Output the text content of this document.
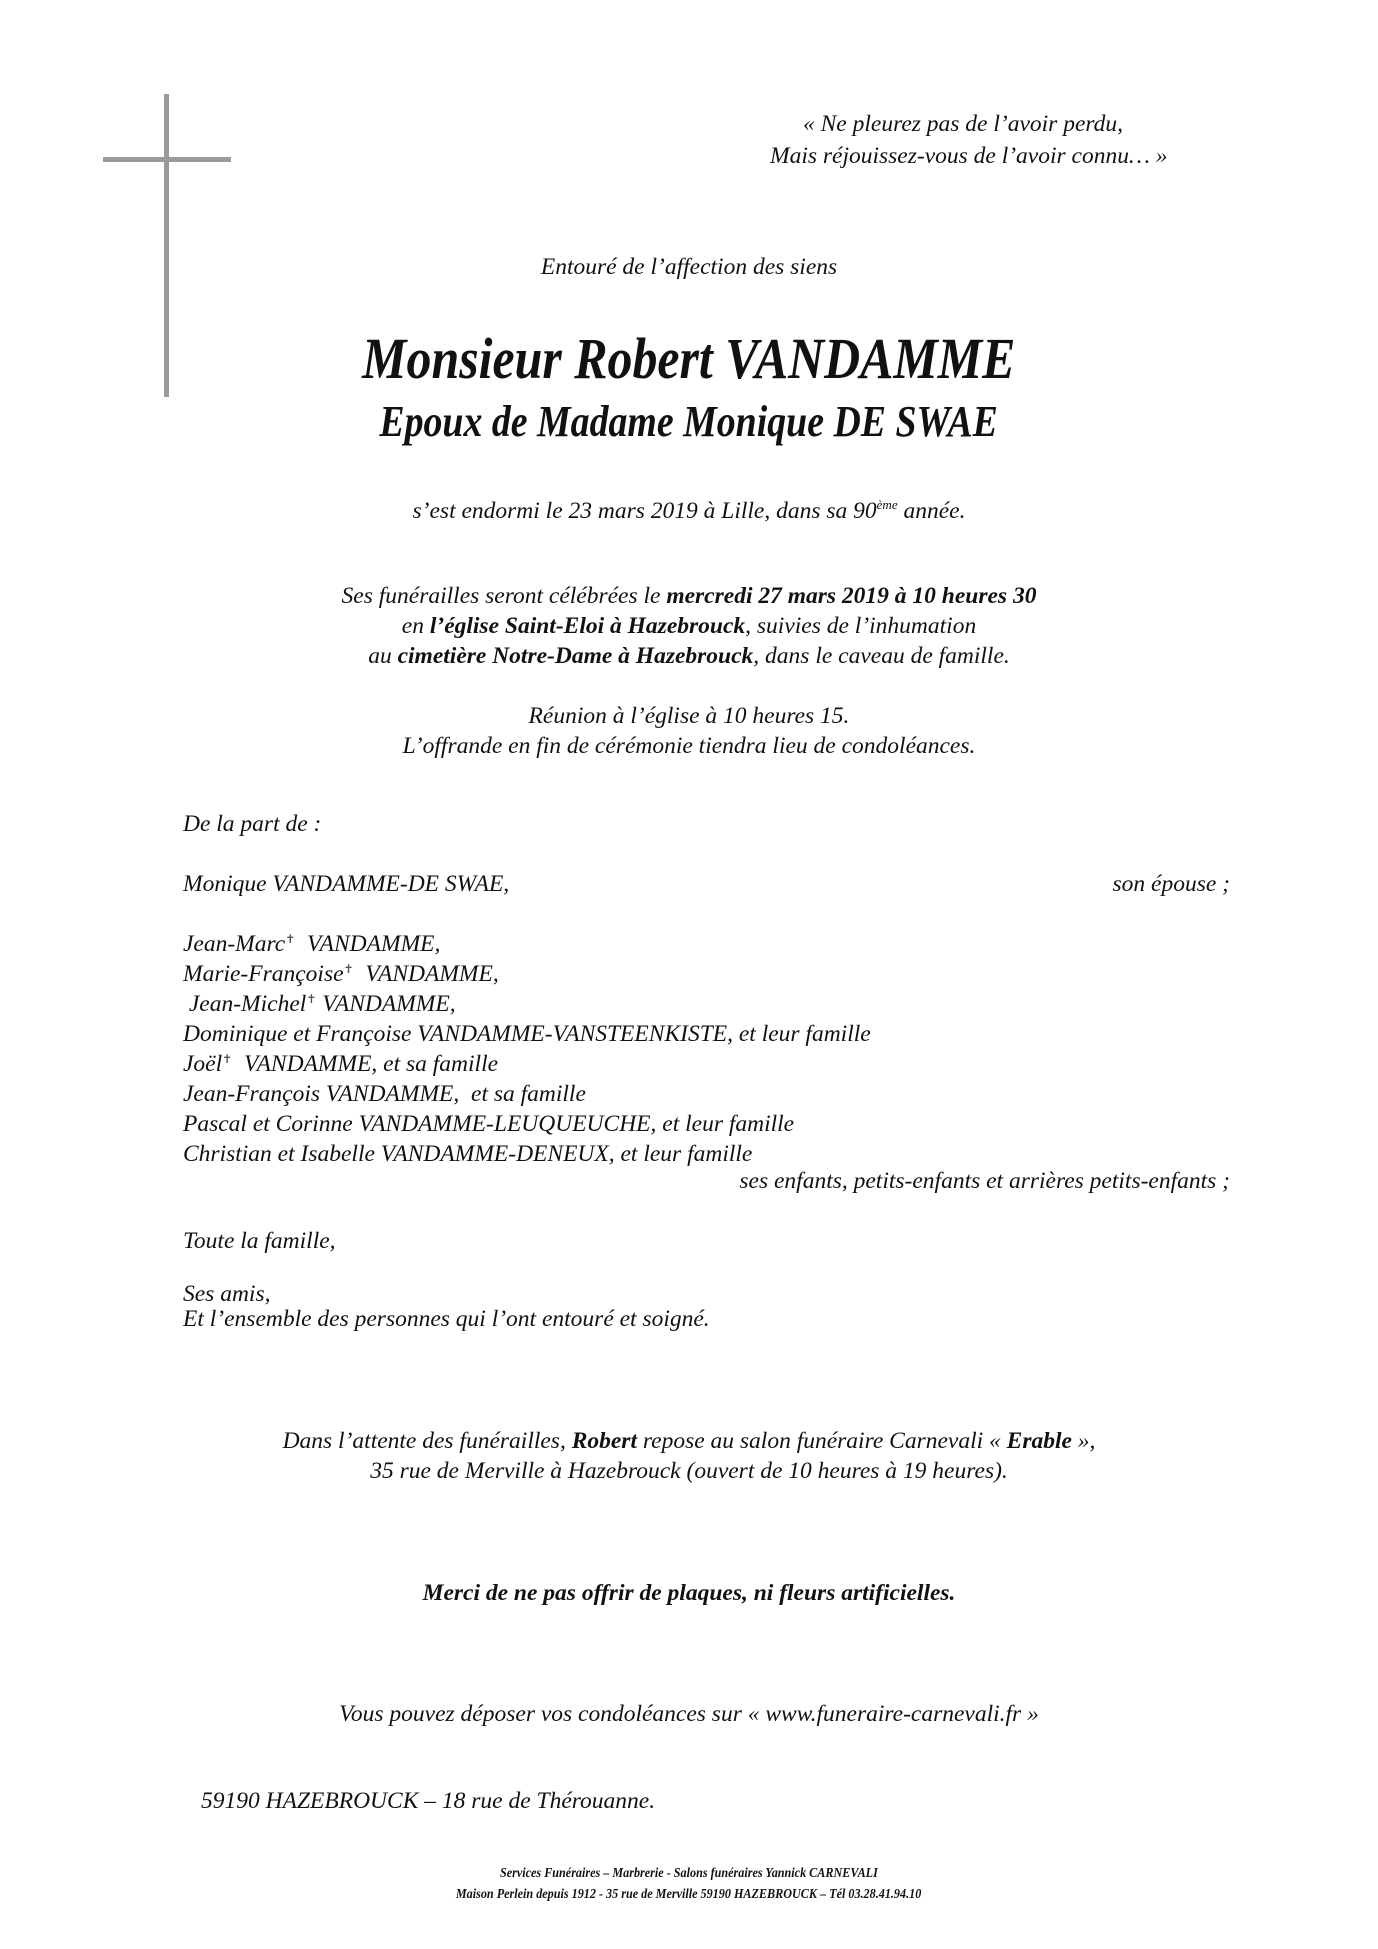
« Ne pleurez pas de l’avoir perdu,
Mais réjouissez-vous de l’avoir connu… »
Entouré de l’affection des siens
Monsieur Robert VANDAMME
Epoux de Madame Monique DE SWAE
s’est endormi le 23 mars 2019 à Lille, dans sa 90ème année.
Ses funérailles seront célébrées le mercredi 27 mars 2019 à 10 heures 30
en l’église Saint-Eloi à Hazebrouck, suivies de l’inhumation
au cimetière Notre-Dame à Hazebrouck, dans le caveau de famille.
Réunion à l’église à 10 heures 15.
L’offrande en fin de cérémonie tiendra lieu de condoléances.
De la part de :
Monique VANDAMME-DE SWAE,	son épouse ;
Jean-Marc✝  VANDAMME,
Marie-Françoise✝  VANDAMME,
Jean-Michel✝ VANDAMME,
Dominique et Françoise VANDAMME-VANSTEENKISTE, et leur famille
Joël✝  VANDAMME, et sa famille
Jean-François VANDAMME,  et sa famille
Pascal et Corinne VANDAMME-LEUQUEUCHE, et leur famille
Christian et Isabelle VANDAMME-DENEUX, et leur famille
ses enfants, petits-enfants et arrières petits-enfants ;
Toute la famille,
Ses amis,
Et l’ensemble des personnes qui l’ont entouré et soigné.
Dans l’attente des funérailles, Robert repose au salon funéraire Carnevali « Erable »,
35 rue de Merville à Hazebrouck (ouvert de 10 heures à 19 heures).
Merci de ne pas offrir de plaques, ni fleurs artificielles.
Vous pouvez déposer vos condoléances sur « www.funeraire-carnevali.fr »
59190 HAZEBROUCK – 18 rue de Thérouanne.
Services Funéraires – Marbrerie - Salons funéraires Yannick CARNEVALI
Maison Perlein depuis 1912 - 35 rue de Merville 59190 HAZEBROUCK – Tél 03.28.41.94.10
